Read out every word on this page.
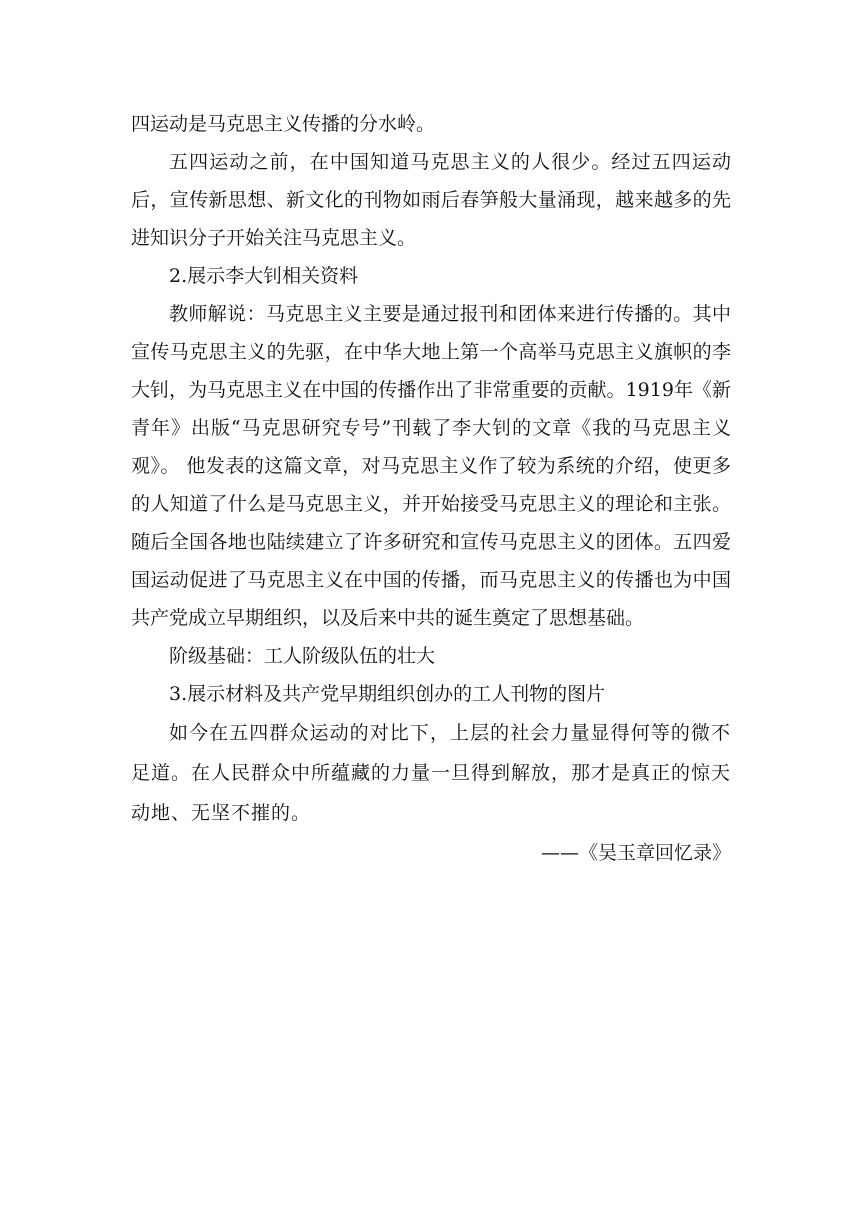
四运动是马克思主义传播的分水岭。

五四运动之前，在中国知道马克思主义的人很少。经过五四运动后，宣传新思想、新文化的刊物如雨后春笋般大量涌现，越来越多的先进知识分子开始关注马克思主义。

2.展示李大钊相关资料

教师解说：马克思主义主要是通过报刊和团体来进行传播的。其中宣传马克思主义的先驱，在中华大地上第一个高举马克思主义旗帜的李大钊，为马克思主义在中国的传播作出了非常重要的贡献。1919年《新青年》出版“马克思研究专号”刊载了李大钊的文章《我的马克思主义观》。 他发表的这篇文章，对马克思主义作了较为系统的介绍，使更多的人知道了什么是马克思主义，并开始接受马克思主义的理论和主张。随后全国各地也陆续建立了许多研究和宣传马克思主义的团体。五四爱国运动促进了马克思主义在中国的传播，而马克思主义的传播也为中国共产党成立早期组织，以及后来中共的诞生奠定了思想基础。

阶级基础：工人阶级队伍的壮大

3.展示材料及共产党早期组织创办的工人刊物的图片

如今在五四群众运动的对比下，上层的社会力量显得何等的微不足道。在人民群众中所蕴藏的力量一旦得到解放，那才是真正的惊天动地、无坚不摧的。

——《吴玉章回忆录》
